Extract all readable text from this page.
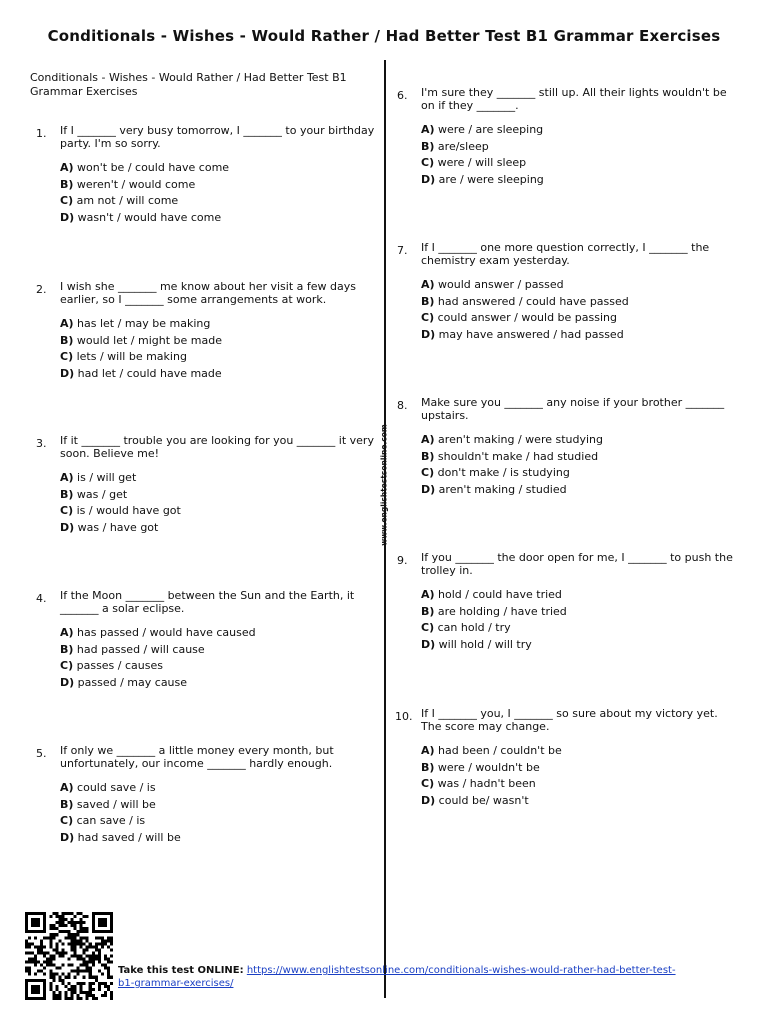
Conditionals - Wishes - Would Rather / Had Better Test B1 Grammar Exercises
www.englishtestsonline.com
Conditionals - Wishes - Would Rather / Had Better Test B1 Grammar Exercises
1. If I _______ very busy tomorrow, I _______ to your birthday party. I'm so sorry.

A) won't be / could have come
B) weren't / would come
C) am not / will come
D) wasn't / would have come
2. I wish she _______ me know about her visit a few days earlier, so I _______ some arrangements at work.

A) has let / may be making
B) would let / might be made
C) lets / will be making
D) had let / could have made
3. If it _______ trouble you are looking for you _______ it very soon. Believe me!

A) is / will get
B) was / get
C) is / would have got
D) was / have got
4. If the Moon _______ between the Sun and the Earth, it _______ a solar eclipse.

A) has passed / would have caused
B) had passed / will cause
C) passes / causes
D) passed / may cause
5. If only we _______ a little money every month, but unfortunately, our income _______ hardly enough.

A) could save / is
B) saved / will be
C) can save / is
D) had saved / will be
6. I'm sure they _______ still up. All their lights wouldn't be on if they _______.

A) were / are sleeping
B) are/sleep
C) were / will sleep
D) are / were sleeping
7. If I _______ one more question correctly, I _______ the chemistry exam yesterday.

A) would answer / passed
B) had answered / could have passed
C) could answer / would be passing
D) may have answered / had passed
8. Make sure you _______ any noise if your brother _______ upstairs.

A) aren't making / were studying
B) shouldn't make / had studied
C) don't make / is studying
D) aren't making / studied
9. If you _______ the door open for me, I _______ to push the trolley in.

A) hold / could have tried
B) are holding / have tried
C) can hold / try
D) will hold / will try
10. If I _______ you, I _______ so sure about my victory yet. The score may change.

A) had been / couldn't be
B) were / wouldn't be
C) was / hadn't been
D) could be/ wasn't
Take this test ONLINE: https://www.englishtestsonline.com/conditionals-wishes-would-rather-had-better-test-b1-grammar-exercises/
